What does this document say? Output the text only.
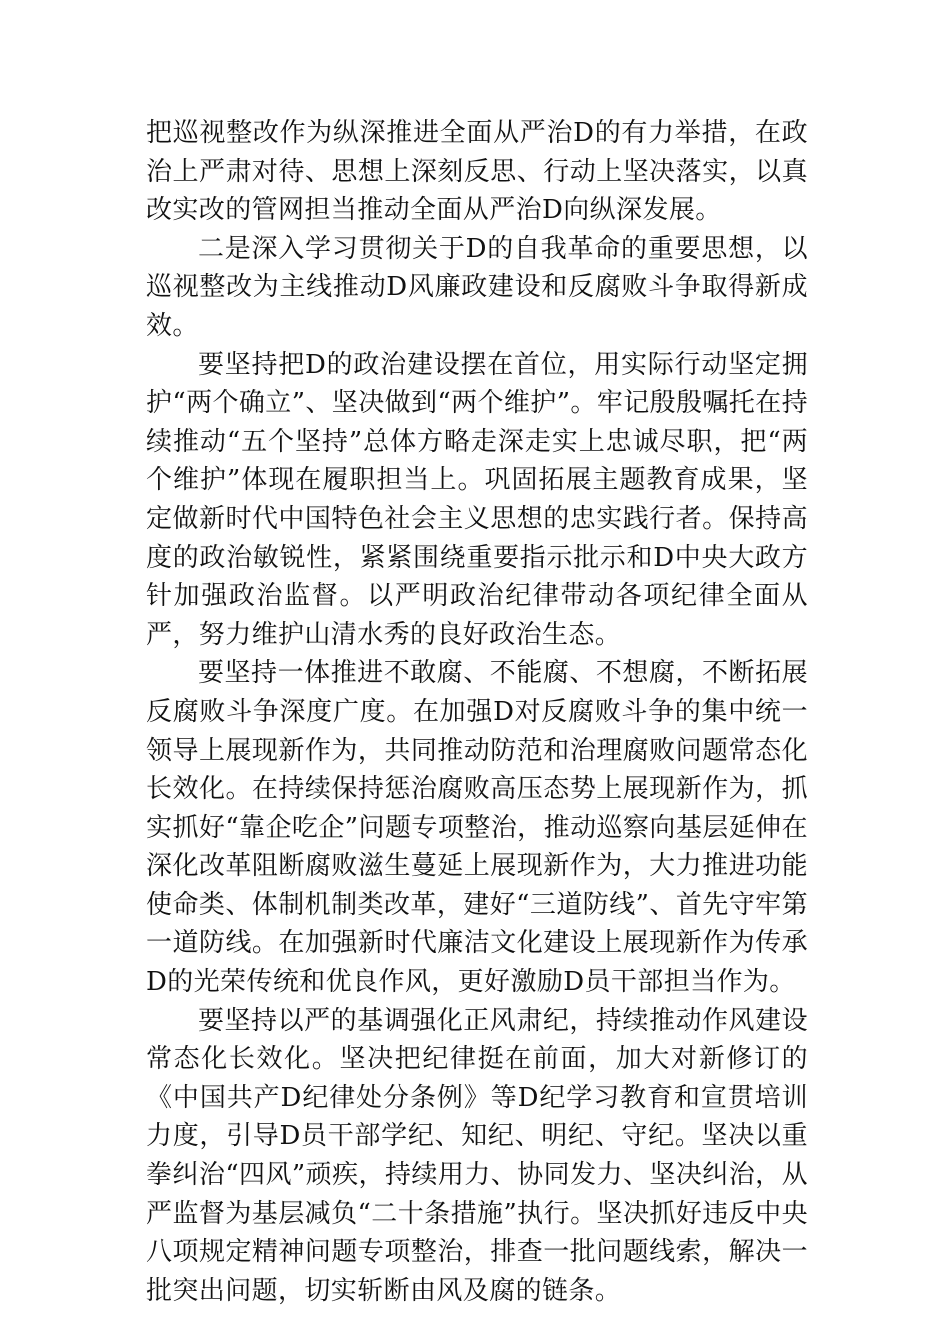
把巡视整改作为纵深推进全面从严治D的有力举措，在政治上严肃对待、思想上深刻反思、行动上坚决落实，以真改实改的管网担当推动全面从严治D向纵深发展。

二是深入学习贯彻关于D的自我革命的重要思想，以巡视整改为主线推动D风廉政建设和反腐败斗争取得新成效。

要坚持把D的政治建设摆在首位，用实际行动坚定拥护“两个确立”、坚决做到“两个维护”。牢记殷殷嘱托在持续推动“五个坚持”总体方略走深走实上忠诚尽职，把“两个维护”体现在履职担当上。巩固拓展主题教育成果，坚定做新时代中国特色社会主义思想的忠实践行者。保持高度的政治敏锐性，紧紧围绕重要指示批示和D中央大政方针加强政治监督。以严明政治纪律带动各项纪律全面从严，努力维护山清水秀的良好政治生态。

要坚持一体推进不敢腐、不能腐、不想腐，不断拓展反腐败斗争深度广度。在加强D对反腐败斗争的集中统一领导上展现新作为，共同推动防范和治理腐败问题常态化长效化。在持续保持惩治腐败高压态势上展现新作为，抓实抓好“靠企吃企”问题专项整治，推动巡察向基层延伸在深化改革阻断腐败滋生蔓延上展现新作为，大力推进功能使命类、体制机制类改革，建好“三道防线”、首先守牢第一道防线。在加强新时代廉洁文化建设上展现新作为传承D的光荣传统和优良作风，更好激励D员干部担当作为。

要坚持以严的基调强化正风肃纪，持续推动作风建设常态化长效化。坚决把纪律挺在前面，加大对新修订的《中国共产D纪律处分条例》等D纪学习教育和宣贯培训力度，引导D员干部学纪、知纪、明纪、守纪。坚决以重拳纠治“四风”顽疾，持续用力、协同发力、坚决纠治，从严监督为基层减负“二十条措施”执行。坚决抓好违反中央八项规定精神问题专项整治，排查一批问题线索，解决一批突出问题，切实斩断由风及腐的链条。
